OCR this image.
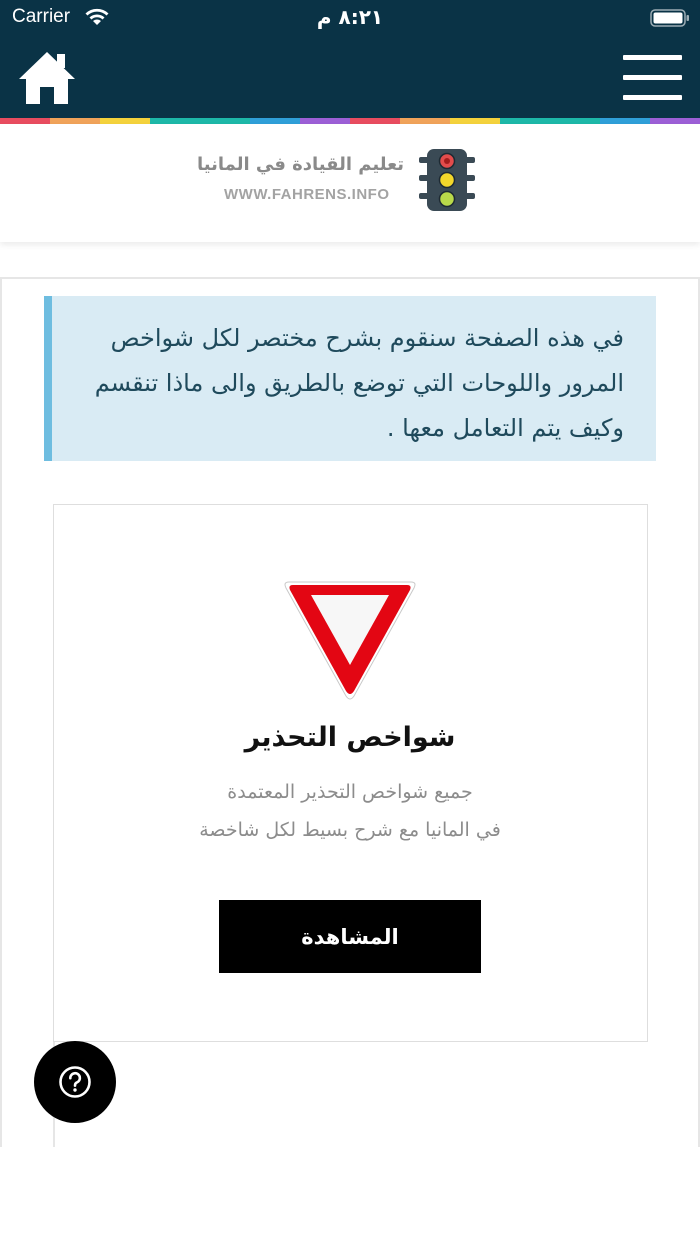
Carrier	٨:٢١ م
تعليم القيادة في المانيا
WWW.FAHRENS.INFO

في هذه الصفحة سنقوم بشرح مختصر لكل شواخص المرور واللوحات التي توضع بالطريق والى ماذا تنقسم وكيف يتم التعامل معها .

شواخص التحذير
جميع شواخص التحذير المعتمدة
في المانيا مع شرح بسيط لكل شاخصة
المشاهدة
